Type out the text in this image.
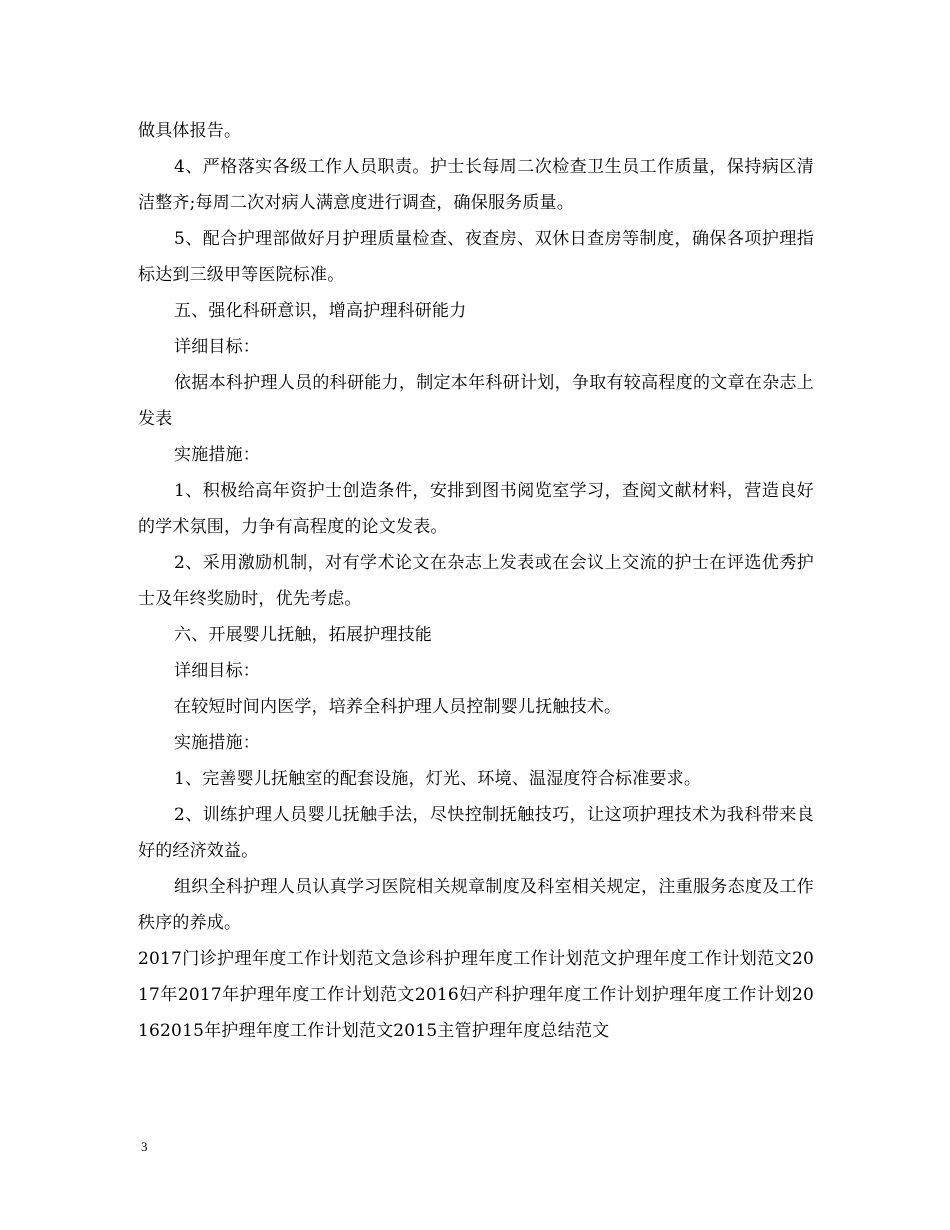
做具体报告。

4、严格落实各级工作人员职责。护士长每周二次检查卫生员工作质量，保持病区清洁整齐;每周二次对病人满意度进行调查，确保服务质量。

5、配合护理部做好月护理质量检查、夜查房、双休日查房等制度，确保各项护理指标达到三级甲等医院标准。

五、强化科研意识，增高护理科研能力

详细目标：

依据本科护理人员的科研能力，制定本年科研计划，争取有较高程度的文章在杂志上发表

实施措施：

1、积极给高年资护士创造条件，安排到图书阅览室学习，查阅文献材料，营造良好的学术氛围，力争有高程度的论文发表。

2、采用激励机制，对有学术论文在杂志上发表或在会议上交流的护士在评选优秀护士及年终奖励时，优先考虑。

六、开展婴儿抚触，拓展护理技能

详细目标：

在较短时间内医学，培养全科护理人员控制婴儿抚触技术。

实施措施：

1、完善婴儿抚触室的配套设施，灯光、环境、温湿度符合标准要求。

2、训练护理人员婴儿抚触手法，尽快控制抚触技巧，让这项护理技术为我科带来良好的经济效益。

组织全科护理人员认真学习医院相关规章制度及科室相关规定，注重服务态度及工作秩序的养成。

2017门诊护理年度工作计划范文急诊科护理年度工作计划范文护理年度工作计划范文2017年2017年护理年度工作计划范文2016妇产科护理年度工作计划护理年度工作计划20162015年护理年度工作计划范文2015主管护理年度总结范文

3
